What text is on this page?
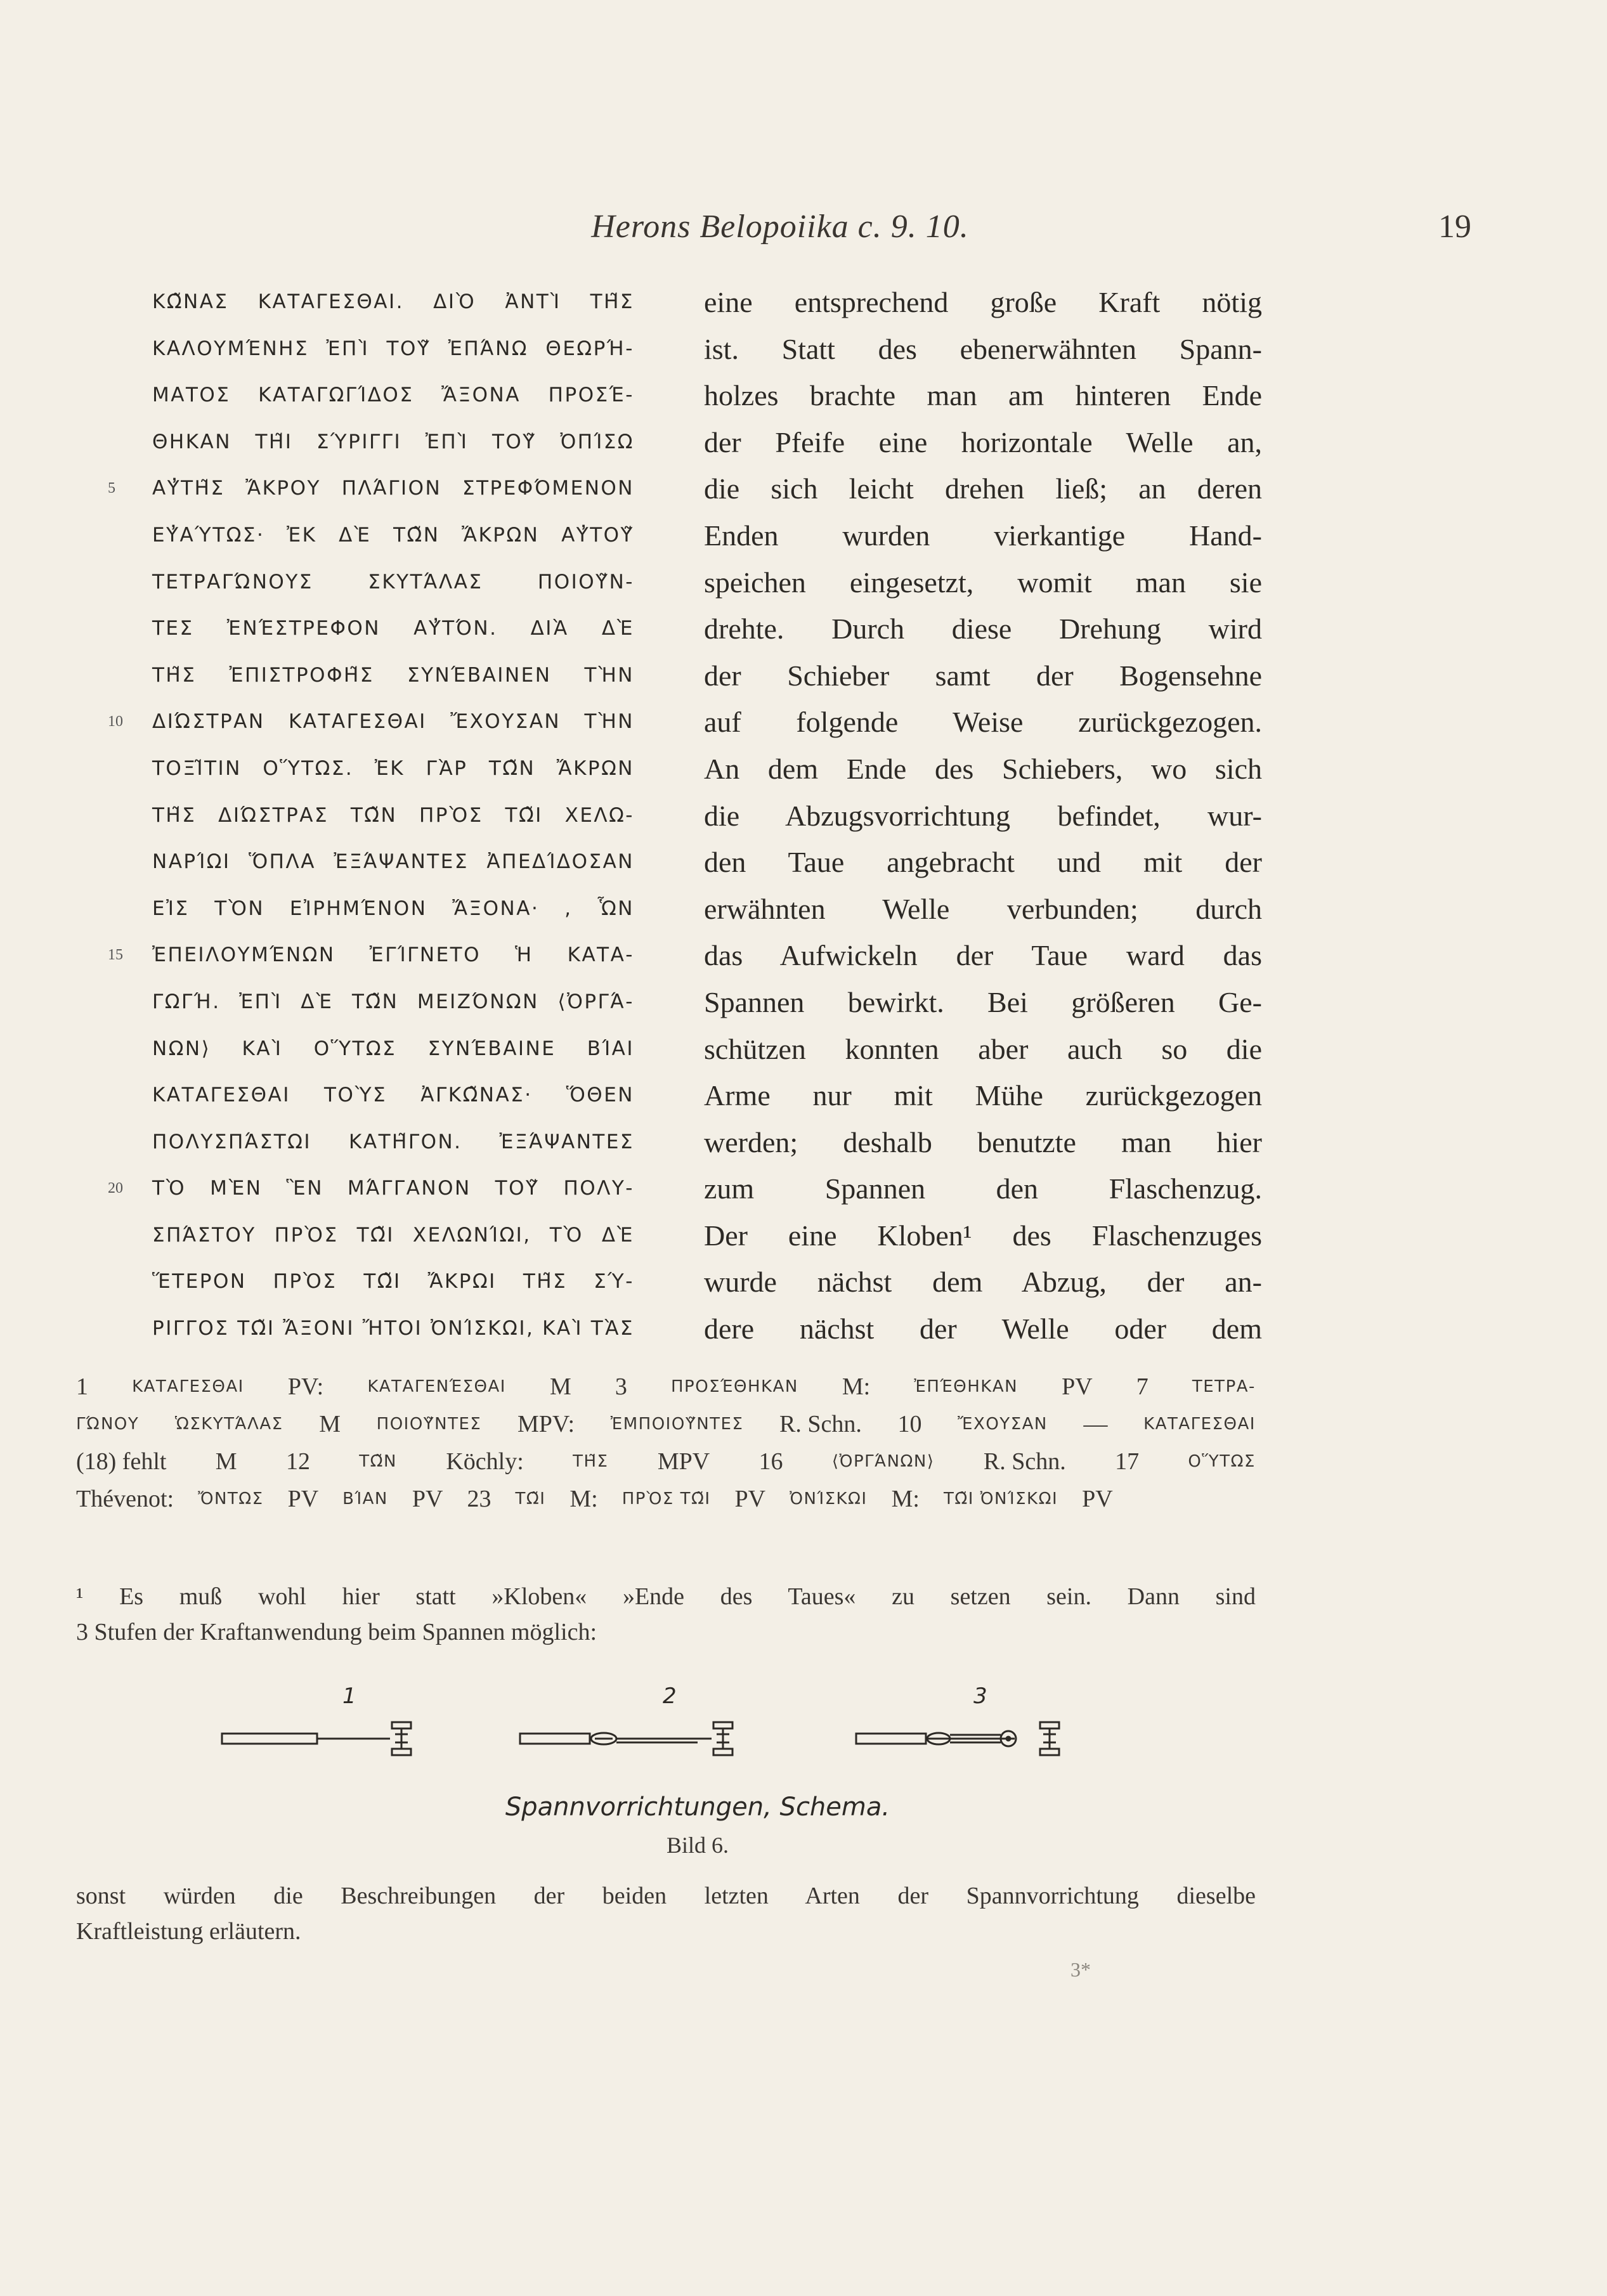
Herons Belopoiika c. 9. 10.	19
ΚΩ͂ΝΑΣ ΚΑΤΑΓΕΣΘΑΙ. ΔΙῸ ἈΝΤῚ ΤΗ͂Σ
ΚΑΛΟΥΜΈΝΗΣ ἘΠῚ ΤΟΥ͂ ἘΠΆΝΩ ΘΕΩΡΉ-
ΜΑΤΟΣ ΚΑΤΑΓΩΓΊΔΟΣ ἌΞΟΝΑ ΠΡΟΣΈ-
ΘΗΚΑΝ ΤΗ͂Ι ΣΎΡΙΓΓΙ ἘΠῚ ΤΟΥ͂ ὈΠΊΣΩ
5	ΑΥ̓ΤΗ͂Σ ἌΚΡΟΥ ΠΛΆΓΙΟΝ ΣΤΡΕΦΌΜΕΝΟΝ
ΕΥ̓ΑΎΤΩΣ· ἘΚ ΔῈ ΤΩ͂Ν ἌΚΡΩΝ ΑΥ̓ΤΟΥ͂
ΤΕΤΡΑΓΏΝΟΥΣ ΣΚΥΤΆΛΑΣ ΠΟΙΟΥ͂Ν-
ΤΕΣ ἘΝΈΣΤΡΕΦΟΝ ΑΥ̓ΤΌΝ. ΔΙᾺ ΔῈ
ΤΗ͂Σ ἘΠΙΣΤΡΟΦΗ͂Σ ΣΥΝΈΒΑΙΝΕΝ ΤῊΝ
10	ΔΙΏΣΤΡΑΝ ΚΑΤΑΓΕΣΘΑΙ ἜΧΟΥΣΑΝ ΤῊΝ
ΤΟΞΙ͂ΤΙΝ ΟὝΤΩΣ. ἘΚ ΓᾺΡ ΤΩ͂Ν ἌΚΡΩΝ
ΤΗ͂Σ ΔΙΏΣΤΡΑΣ ΤΩ͂Ν ΠΡῸΣ ΤΩ͂Ι ΧΕΛΩ-
ΝAΡΊΩΙ ὍΠΛΑ ἘΞΆΨΑΝΤΕΣ ἈΠΕΔΊΔΟΣΑΝ
ΕἸΣ ΤῸΝ ΕἸΡΗΜΈΝΟΝ ἌΞΟΝΑ· , ὯΝ
15	ἘΠΕΙΛΟΥΜΈΝΩΝ ἘΓΊΓΝΕΤΟ Ἡ ΚΑΤΑ-
ΓΩΓΉ. ἘΠῚ ΔῈ ΤΩ͂Ν ΜΕΙΖΌΝΩΝ ⟨ὈΡΓΆ-
ΝΩΝ⟩ ΚΑῚ ΟὝΤΩΣ ΣΥΝΈΒΑΙΝΕ ΒΊΑΙ
ΚΑΤΑΓΕΣΘΑΙ ΤΟῪΣ ἈΓΚΩ͂ΝΑΣ· ὍΘΕΝ
ΠΟΛΥΣΠΆΣΤΩΙ ΚΑΤΗ͂ΓΟΝ. ἘΞΆΨΑΝΤΕΣ
20	ΤῸ ΜῈΝ ἛΝ ΜΆΓΓΑΝΟΝ ΤΟΥ͂ ΠΟΛΥ-
ΣΠΆΣΤΟΥ ΠΡῸΣ ΤΩ͂Ι ΧΕΛΩΝΊΩΙ, ΤῸ ΔῈ
ἝΤΕΡΟΝ ΠΡῸΣ ΤΩ͂Ι ἌΚΡΩΙ ΤΗ͂Σ ΣΎ-
ΡΙΓΓΟΣ ΤΩ͂Ι ἌΞΟΝΙ ἬΤΟΙ ὈΝΊΣΚΩΙ, ΚΑῚ ΤᾺΣ
eine entsprechend große Kraft nötig
ist. Statt des ebenerwähnten Spann-
holzes brachte man am hinteren Ende
der Pfeife eine horizontale Welle an,
die sich leicht drehen ließ; an deren
Enden wurden vierkantige Hand-
speichen eingesetzt, womit man sie
drehte. Durch diese Drehung wird
der Schieber samt der Bogensehne
auf folgende Weise zurückgezogen.
An dem Ende des Schiebers, wo sich
die Abzugsvorrichtung befindet, wur-
den Taue angebracht und mit der
erwähnten Welle verbunden; durch
das Aufwickeln der Taue ward das
Spannen bewirkt. Bei größeren Ge-
schützen konnten aber auch so die
Arme nur mit Mühe zurückgezogen
werden; deshalb benutzte man hier
zum Spannen den Flaschenzug.
Der eine Kloben¹ des Flaschenzuges
wurde nächst dem Abzug, der an-
dere nächst der Welle oder dem
1	ΚΑΤΑΓΕΣΘΑΙ PV:	ΚΑΤΑΓΕΝΈΣΘΑΙ M 3	ΠΡΟΣΈΘΗΚΑΝ M:	ἘΠΈΘΗΚΑΝ PV 7	ΤΕΤΡΑ-
ΓΏΝΟΥ ὩΣΚΥΤΆΛΑΣ M ΠΟΙΟΥ͂ΝΤΕΣ MPV: ἘΜΠΟΙΟΥ͂ΝΤΕΣ R. Schn. 10 ἜΧΟΥΣΑΝ — ΚΑΤΑΓΕΣΘΑΙ
(18) fehlt M 12	ΤΩ͂Ν Köchly:	ΤΗ͂Σ MPV 16	⟨ὈΡΓΆΝΩΝ⟩ R. Schn. 17	ΟὝΤΩΣ
Thévenot: ὌΝΤΩΣ PV ΒΊΑΝ PV 23 ΤΩ͂Ι M: ΠΡῸΣ ΤΩ͂Ι PV ὈΝΊΣΚΩΙ M: ΤΩ͂Ι ὈΝΊΣΚΩΙ PV
¹ Es muß wohl hier statt »Kloben« »Ende des Taues« zu setzen sein. Dann sind
3 Stufen der Kraftanwendung beim Spannen möglich:
1	2	3
Spannvorrichtungen, Schema.
Bild 6.
sonst würden die Beschreibungen der beiden letzten Arten der Spannvorrichtung dieselbe
Kraftleistung erläutern.
3*
